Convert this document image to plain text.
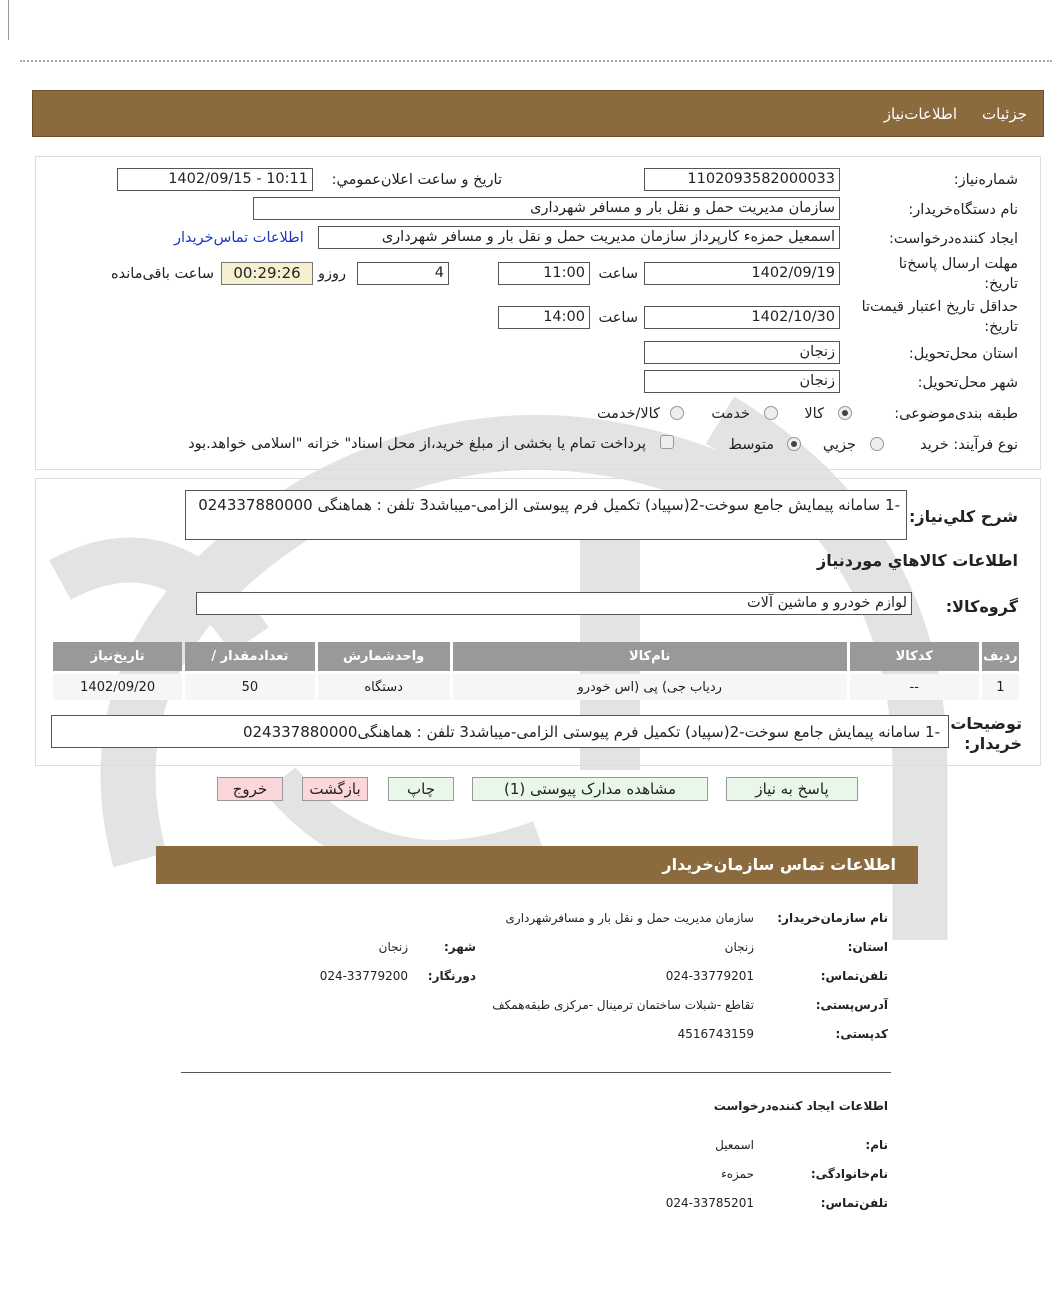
جزئیات
اطلاعات‌نیاز
شماره‌نیاز:
1102093582000033
تاریخ و ساعت اعلان‌عمومي:
1402/09/15 - 10:11
نام دستگاه‌خریدار:
سازمان مدیریت حمل و نقل بار و مسافر شهرداری
ایجاد کننده‌درخواست:
اسمعیل حمزهء کارپرداز سازمان مدیریت حمل و نقل بار و مسافر شهرداری
اطلاعات تماس‌خریدار
مهلت ارسال پاسخ‌تا
تاریخ:
1402/09/19
ساعت
11:00
4
روزو
00:29:26
ساعت باقی‌مانده
حداقل تاریخ اعتبار قیمت‌تا
تاریخ:
1402/10/30
ساعت
14:00
استان محل‌تحویل:
زنجان
شهر محل‌تحویل:
زنجان
طبقه بندی‌موضوعی:
کالا
خدمت
کالا/خدمت
نوع فرآیند: خرید
جزيي
متوسط
پرداخت تمام یا بخشی از مبلغ خرید،از محل اسناد" خزانه "اسلامی خواهد.بود
شرح کلي‌نیاز:
-1 سامانه پیمایش جامع سوخت-2(سپیاد) تکمیل فرم پیوستی الزامی-میباشد3 تلفن : هماهنگی 024337880000
اطلاعات کالاهاي موردنیاز
گروه‌کالا:
لوازم خودرو و ماشین آلات
ردیف	کدکالا	نام‌کالا	واحدشمارش	تعدادمقدار /	تاریخ‌نیاز
1	--	ردیاب جی) پی (اس خودرو	دستگاه	50	1402/09/20
توضیحات
خریدار:
-1 سامانه پیمایش جامع سوخت-2(سپیاد) تکمیل فرم پیوستی الزامی-میباشد3 تلفن : هماهنگی024337880000
پاسخ به نیاز
مشاهده مدارک پیوستی (1)
چاپ
بازگشت
خروج
اطلاعات تماس سازمان‌خریدار
نام سازمان‌خریدار:
سازمان مدیریت حمل و نقل بار و مسافرشهرداری
استان:
زنجان
شهر:
زنجان
تلفن‌تماس:
024-33779201
دورنگار:
024-33779200
آدرس‌پستی:
تقاطع -شبلات ساختمان ترمینال -مرکزی طبقه‌همکف
کدپستی:
4516743159
اطلاعات ایجاد کننده‌درخواست
نام:
اسمعیل
نام‌خانوادگی:
حمزهء
تلفن‌تماس:
024-33785201
